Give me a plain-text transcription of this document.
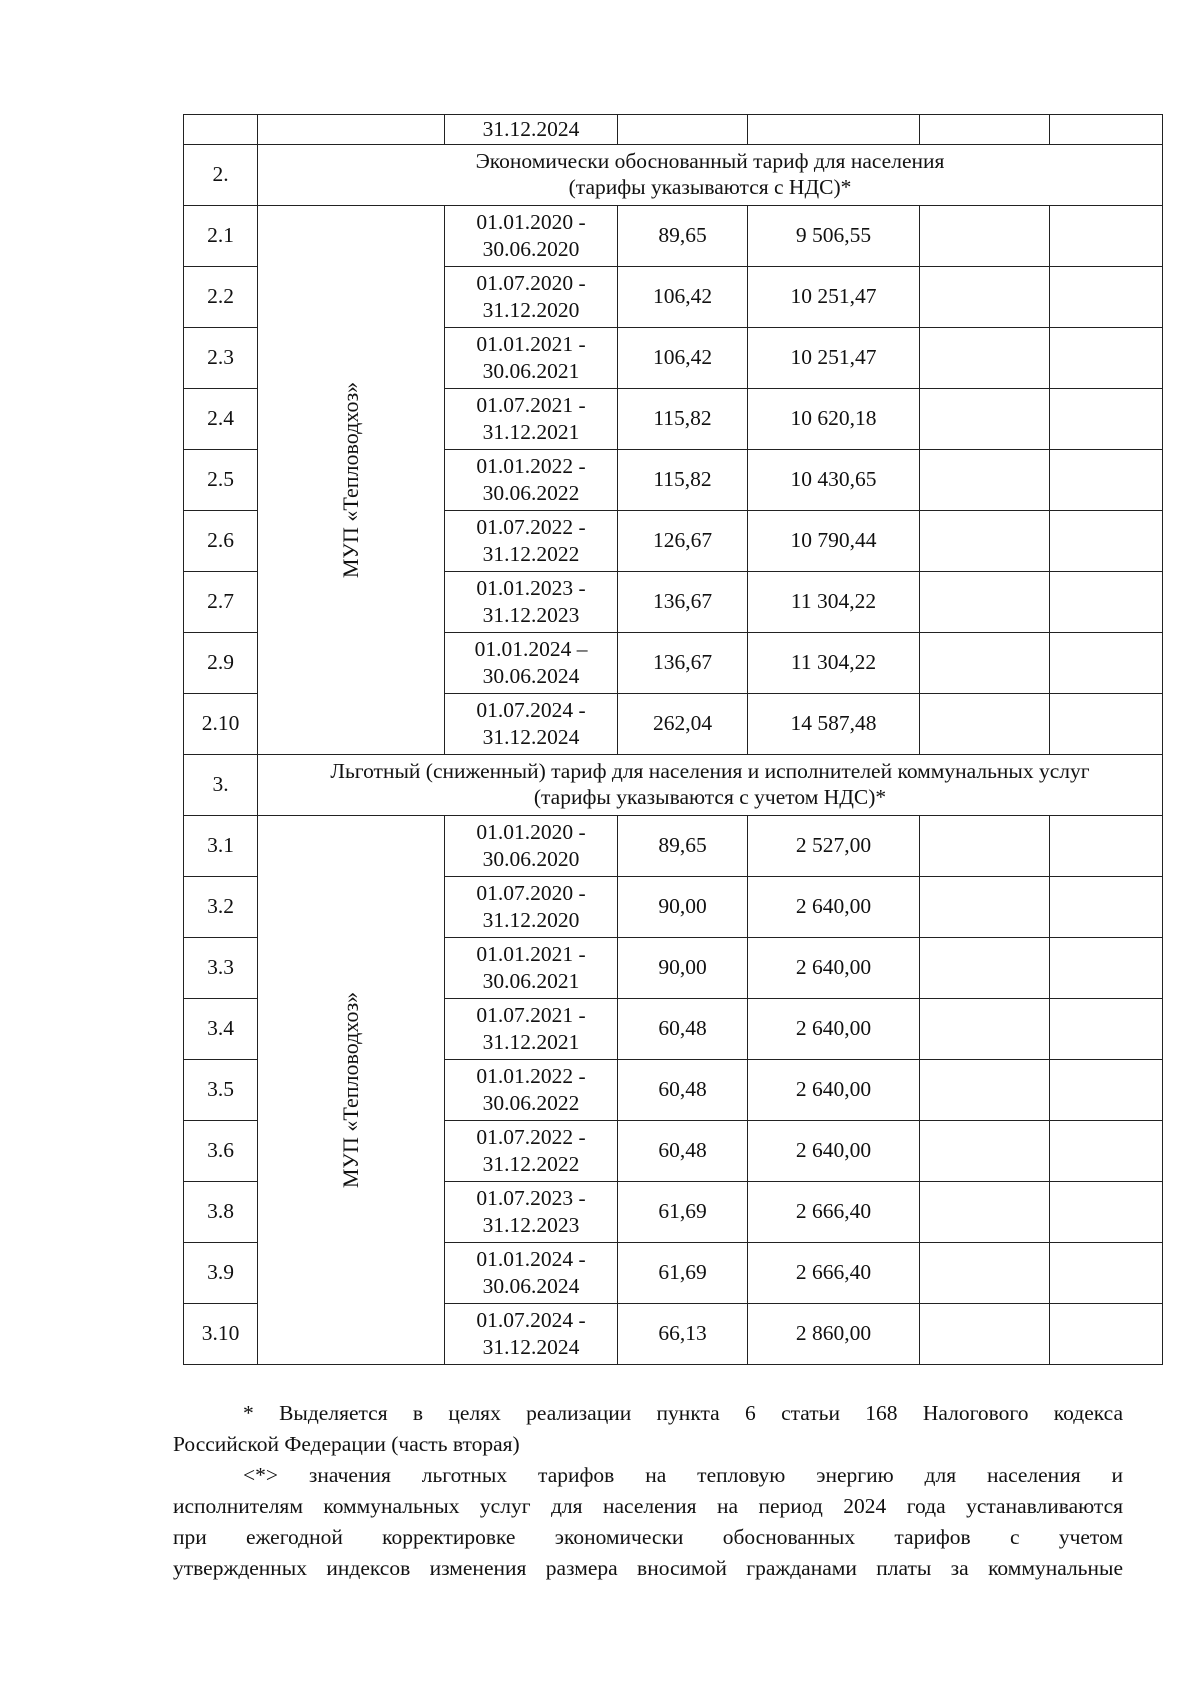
		31.12.2024				
2.	Экономически обоснованный тариф для населения
(тарифы указываются с НДС)*					

2.1	МУП «Тепловодхоз»	01.01.2020 -
30.06.2020	89,65	9 506,55		
2.2		01.07.2020 -
31.12.2020	106,42	10 251,47		
2.3		01.01.2021 -
30.06.2021	106,42	10 251,47		
2.4		01.07.2021 -
31.12.2021	115,82	10 620,18		
2.5		01.01.2022 -
30.06.2022	115,82	10 430,65		
2.6		01.07.2022 -
31.12.2022	126,67	10 790,44		
2.7		01.01.2023 -
31.12.2023	136,67	11 304,22		
2.9		01.01.2024 –
30.06.2024	136,67	11 304,22		
2.10		01.07.2024 -
31.12.2024	262,04	14 587,48		
3.	Льготный (сниженный) тариф для населения и исполнителей коммунальных услуг
(тарифы указываются с учетом НДС)*					

3.1	МУП «Тепловодхоз»	01.01.2020 -
30.06.2020	89,65	2 527,00		
3.2		01.07.2020 -
31.12.2020	90,00	2 640,00		
3.3		01.01.2021 -
30.06.2021	90,00	2 640,00		
3.4		01.07.2021 -
31.12.2021	60,48	2 640,00		
3.5		01.01.2022 -
30.06.2022	60,48	2 640,00		
3.6		01.07.2022 -
31.12.2022	60,48	2 640,00		
3.8		01.07.2023 -
31.12.2023	61,69	2 666,40		
3.9		01.01.2024 -
30.06.2024	61,69	2 666,40		
3.10		01.07.2024 -
31.12.2024	66,13	2 860,00		

* Выделяется в целях реализации пункта 6 статьи 168 Налогового кодекса

Российской Федерации (часть вторая)

<*> значения льготных тарифов на тепловую энергию для населения и

исполнителям коммунальных услуг для населения на период 2024 года устанавливаются

при ежегодной корректировке экономически обоснованных тарифов с учетом

утвержденных индексов изменения размера вносимой гражданами платы за коммунальные
